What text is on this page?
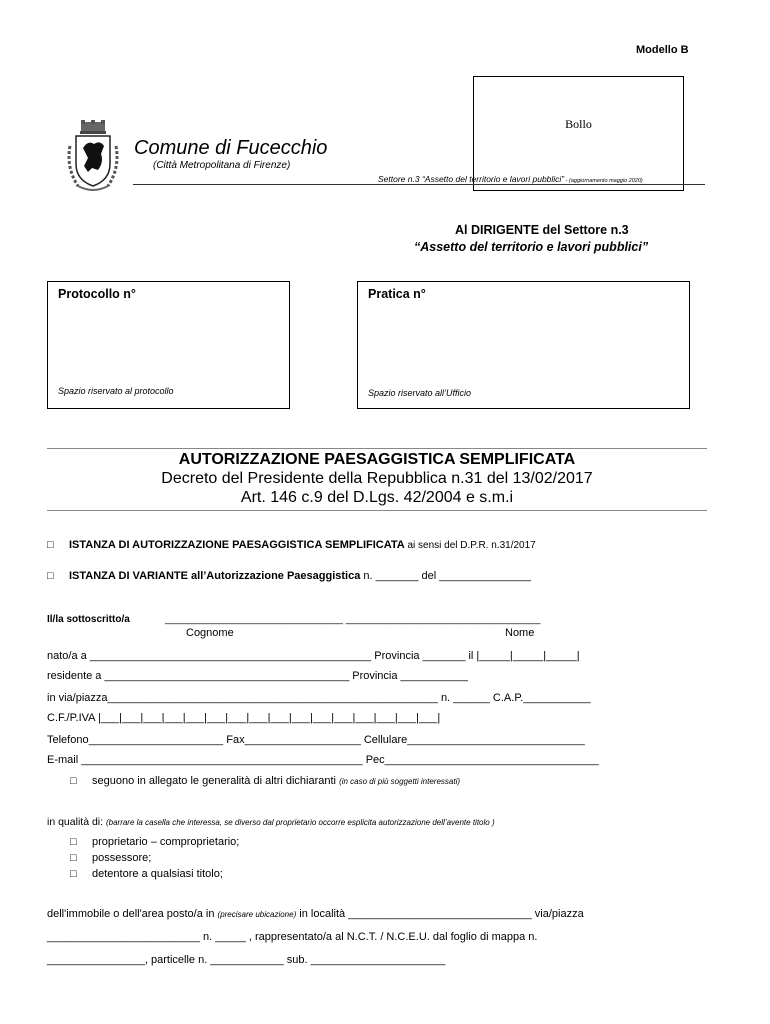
Modello B
Bollo
Comune di Fucecchio
(Città Metropolitana di Firenze)
Settore n.3 “Assetto del territorio e lavori pubblici” - (aggiornamento maggio 2020)
Al DIRIGENTE del Settore n.3
“Assetto del territorio e lavori pubblici”
Protocollo n°
Spazio riservato al protocollo
Pratica n°
Spazio riservato all’Ufficio
AUTORIZZAZIONE PAESAGGISTICA SEMPLIFICATA
Decreto del Presidente della Repubblica n.31 del 13/02/2017
Art. 146 c.9 del D.Lgs. 42/2004 e s.m.i
□ ISTANZA DI AUTORIZZAZIONE PAESAGGISTICA SEMPLIFICATA ai sensi del D.P.R. n.31/2017
□ ISTANZA DI VARIANTE all’Autorizzazione Paesaggistica n. _______ del _______________
Il/la sottoscritto/a	________________________________ ___________________________________
Cognome	Nome
nato/a a ______________________________________________ Provincia _______ il |_____|_____|_____|
residente a ________________________________________ Provincia ___________
in via/piazza______________________________________________________ n. ______ C.A.P.___________
C.F./P.IVA |___|___|___|___|___|___|___|___|___|___|___|___|___|___|___|___|
Telefono______________________ Fax___________________ Cellulare_____________________________
E-mail ______________________________________________ Pec___________________________________
□ seguono in allegato le generalità di altri dichiaranti (in caso di più soggetti interessati)
in qualità di: (barrare la casella che interessa, se diverso dal proprietario occorre esplicita autorizzazione dell’avente titolo )
□ proprietario – comproprietario;
□ possessore;
□ detentore a qualsiasi titolo;
dell'immobile o dell'area posto/a in (precisare ubicazione) in località ______________________________ via/piazza
_________________________ n. _____ , rappresentato/a al N.C.T. / N.C.E.U. dal foglio di mappa n.
________________, particelle n. ____________ sub. ______________________
